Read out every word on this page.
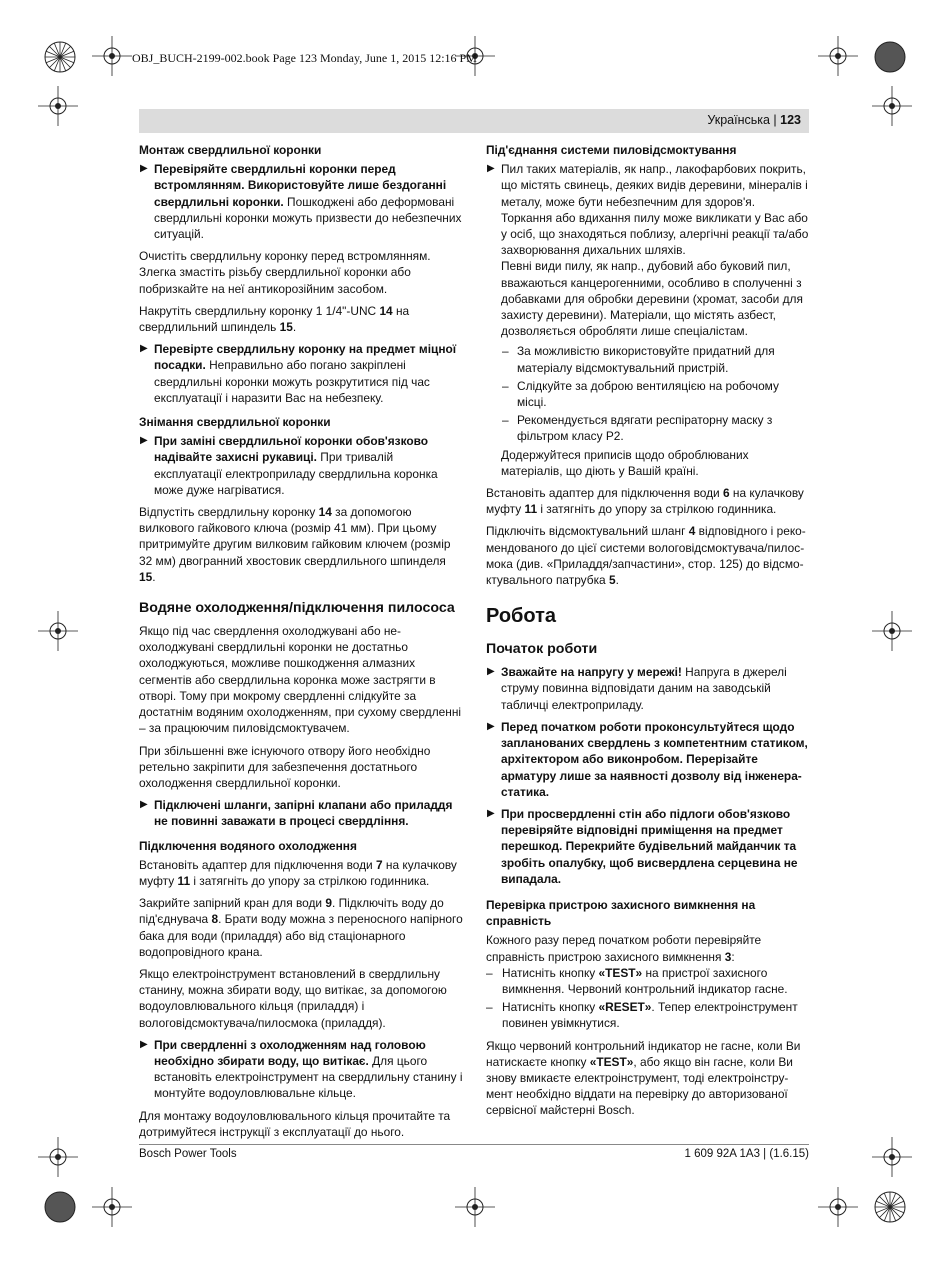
OBJ_BUCH-2199-002.book Page 123 Monday, June 1, 2015 12:16 PM
Українська | 123
Монтаж свердлильної коронки
▶ Перевіряйте свердлильні коронки перед встромлянням. Використовуйте лише бездоганні свердлильні коронки. Пошкоджені або деформовані свердлильні коронки можуть призвести до небезпечних ситуацій.

Очистіть свердлильну коронку перед встромлянням. Злегка змастіть різьбу свердлильної коронки або побризкайте на неї антикорозійним засобом.

Накрутіть свердлильну коронку 1 1/4"-UNC 14 на свердлильний шпиндель 15.

▶ Перевірте свердлильну коронку на предмет міцної посадки. Неправильно або погано закріплені свердлильні коронки можуть розкрутитися під час експлуатації і наразити Вас на небезпеку.
Знімання свердлильної коронки
▶ При заміні свердлильної коронки обов'язково надівайте захисні рукавиці. При тривалій експлуатації електроприладу свердлильна коронка може дуже нагріватися.

Відпустіть свердлильну коронку 14 за допомогою вилкового гайкового ключа (розмір 41 мм). При цьому притримуйте другим вилковим гайковим ключем (розмір 32 мм) двогранний хвостовик свердлильного шпинделя 15.

Водяне охолодження/підключення пилососа

Якщо під час свердлення охолоджувані або не-охолоджувані свердлильні коронки не достатньо охолоджуються, можливе пошкодження алмазних сегментів або свердлильна коронка може застрягти в отворі. Тому при мокрому свердленні слідкуйте за достатнім водяним охолодженням, при сухому свердленні – за працюючим пиловідсмоктувачем.

При збільшенні вже існуючого отвору його необхідно ретельно закріпити для забезпечення достатнього охолодження свердлильної коронки.

▶ Підключені шланги, запірні клапани або приладдя не повинні заважати в процесі свердління.
Підключення водяного охолодження

Встановіть адаптер для підключення води 7 на кулачкову муфту 11 і затягніть до упору за стрілкою годинника.

Закрийте запірний кран для води 9. Підключіть воду до під'єднувача 8. Брати воду можна з переносного напірного бака для води (приладдя) або від стаціонарного водопровідного крана.

Якщо електроінструмент встановлений в свердлильну станину, можна збирати воду, що витікає, за допомогою водоуловлювального кільця (приладдя) і вологовідсмоктувача/пилосмока (приладдя).

▶ При свердленні з охолодженням над головою необхідно збирати воду, що витікає. Для цього встановіть електроінструмент на свердлильну станину і монтуйте водоуловлювальне кільце.

Для монтажу водоуловлювального кільця прочитайте та дотримуйтеся інструкції з експлуатації до нього.

Під'єднання системи пиловідсмоктування
▶ Пил таких матеріалів, як напр., лакофарбових покрить, що містять свинець, деяких видів деревини, мінералів і металу, може бути небезпечним для здоров'я.
Торкання або вдихання пилу може викликати у Вас або у осіб, що знаходяться поблизу, алергічні реакції та/або захворювання дихальних шляхів.
Певні види пилу, як напр., дубовий або буковий пил, вважаються канцерогенними, особливо в сполученні з добавками для обробки деревини (хромат, засоби для захисту деревини). Матеріали, що містять азбест, дозволяється обробляти лише спеціалістам.
– За можливістю використовуйте придатний для матеріалу відсмоктувальний пристрій.
– Слідкуйте за доброю вентиляцією на робочому місці.
– Рекомендується вдягати респіраторну маску з фільтром класу P2.
Додержуйтеся приписів щодо оброблюваних матеріалів, що діють у Вашій країні.

Встановіть адаптер для підключення води 6 на кулачкову муфту 11 і затягніть до упору за стрілкою годинника.

Підключіть відсмоктувальний шланг 4 відповідного і реко-мендованого до цієї системи вологовідсмоктувача/пилос-мока (див. «Приладдя/запчастини», стор. 125) до відсмо-ктувального патрубка 5.

Робота
Початок роботи
▶ Зважайте на напругу у мережі! Напруга в джерелі струму повинна відповідати даним на заводській табличці електроприладу.
▶ Перед початком роботи проконсультуйтеся щодо запланованих свердлень з компетентним статиком, архітектором або виконробом. Перерізайте арматуру лише за наявності дозволу від інженера-статика.
▶ При просвердленні стін або підлоги обов'язково перевіряйте відповідні приміщення на предмет перешкод. Перекрийте будівельний майданчик та зробіть опалубку, щоб висвердлена серцевина не випадала.
Перевірка пристрою захисного вимкнення на справність

Кожного разу перед початком роботи перевіряйте справність пристрою захисного вимкнення 3:

– Натисніть кнопку «TEST» на пристрої захисного вимкнення. Червоний контрольний індикатор гасне.
– Натисніть кнопку «RESET». Тепер електроінструмент повинен увімкнутися.

Якщо червоний контрольний індикатор не гасне, коли Ви натискаєте кнопку «TEST», або якщо він гасне, коли Ви знову вмикаєте електроінструмент, тоді електроінстру-мент необхідно віддати на перевірку до авторизованої сервісної майстерні Bosch.

Bosch Power Tools	1 609 92A 1A3 | (1.6.15)
